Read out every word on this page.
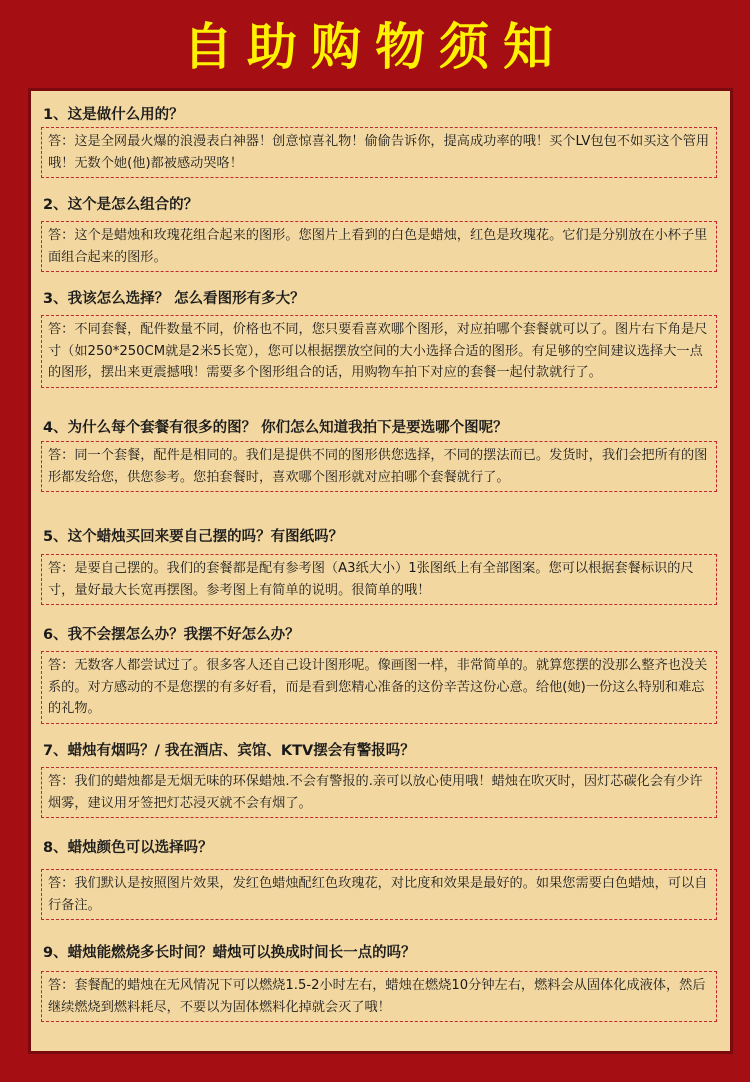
自助购物须知
1、这是做什么用的？
答：这是全网最火爆的浪漫表白神器！创意惊喜礼物！偷偷告诉你，提高成功率的哦！买个LV包包不如买这个管用哦！无数个她(他)都被感动哭咯！
2、这个是怎么组合的？
答：这个是蜡烛和玫瑰花组合起来的图形。您图片上看到的白色是蜡烛，红色是玫瑰花。它们是分别放在小杯子里面组合起来的图形。
3、我该怎么选择？ 怎么看图形有多大？
答：不同套餐，配件数量不同，价格也不同，您只要看喜欢哪个图形，对应拍哪个套餐就可以了。图片右下角是尺寸（如250*250CM就是2米5长宽），您可以根据摆放空间的大小选择合适的图形。有足够的空间建议选择大一点的图形，摆出来更震撼哦！需要多个图形组合的话，用购物车拍下对应的套餐一起付款就行了。
4、为什么每个套餐有很多的图？ 你们怎么知道我拍下是要选哪个图呢？
答：同一个套餐，配件是相同的。我们是提供不同的图形供您选择，不同的摆法而已。发货时，我们会把所有的图形都发给您，供您参考。您拍套餐时，喜欢哪个图形就对应拍哪个套餐就行了。
5、这个蜡烛买回来要自己摆的吗？有图纸吗？
答：是要自己摆的。我们的套餐都是配有参考图（A3纸大小）1张图纸上有全部图案。您可以根据套餐标识的尺寸，量好最大长宽再摆图。参考图上有简单的说明。很简单的哦！
6、我不会摆怎么办？我摆不好怎么办？
答：无数客人都尝试过了。很多客人还自己设计图形呢。像画图一样，非常简单的。就算您摆的没那么整齐也没关系的。对方感动的不是您摆的有多好看，而是看到您精心准备的这份辛苦这份心意。给他(她)一份这么特别和难忘的礼物。
7、蜡烛有烟吗？/ 我在酒店、宾馆、KTV摆会有警报吗？
答：我们的蜡烛都是无烟无味的环保蜡烛.不会有警报的.亲可以放心使用哦！蜡烛在吹灭时，因灯芯碳化会有少许烟雾，建议用牙签把灯芯浸灭就不会有烟了。
8、蜡烛颜色可以选择吗？
答：我们默认是按照图片效果，发红色蜡烛配红色玫瑰花，对比度和效果是最好的。如果您需要白色蜡烛，可以自行备注。
9、蜡烛能燃烧多长时间？蜡烛可以换成时间长一点的吗？
答：套餐配的蜡烛在无风情况下可以燃烧1.5-2小时左右，蜡烛在燃烧10分钟左右，燃料会从固体化成液体，然后继续燃烧到燃料耗尽，不要以为固体燃料化掉就会灭了哦！
